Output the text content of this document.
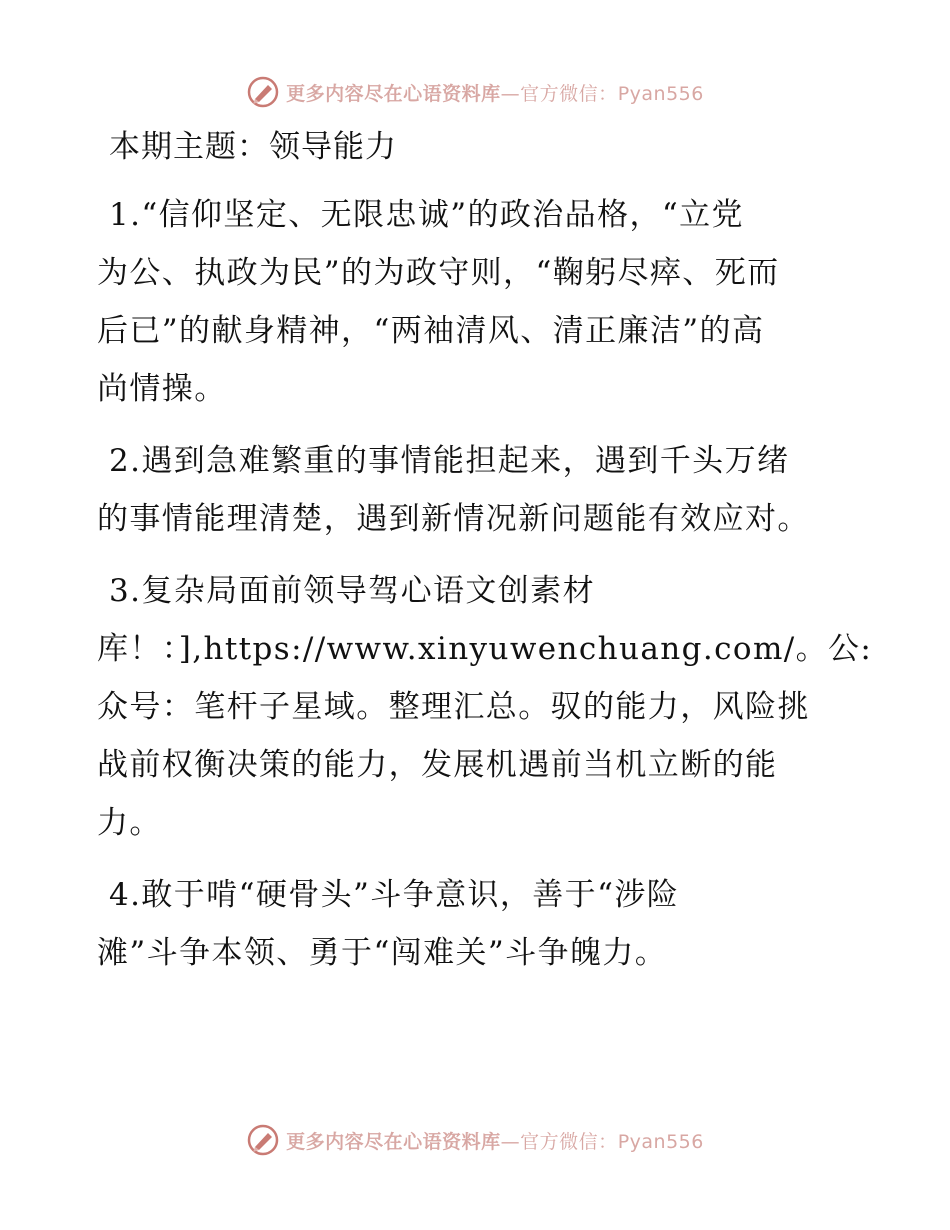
更多内容尽在心语资料库—官方微信：Pyan556
本期主题：领导能力
1.“信仰坚定、无限忠诚”的政治品格，“立党
为公、执政为民”的为政守则，“鞠躬尽瘁、死而
后已”的献身精神，“两袖清风、清正廉洁”的高
尚情操。
2.遇到急难繁重的事情能担起来，遇到千头万绪
的事情能理清楚，遇到新情况新问题能有效应对。
3.复杂局面前领导驾心语文创素材
库！：],https://www.xinyuwenchuang.com/。公:
众号：笔杆子星域。整理汇总。驭的能力，风险挑
战前权衡决策的能力，发展机遇前当机立断的能
力。
4.敢于啃“硬骨头”斗争意识，善于“涉险
滩”斗争本领、勇于“闯难关”斗争魄力。
更多内容尽在心语资料库—官方微信：Pyan556
